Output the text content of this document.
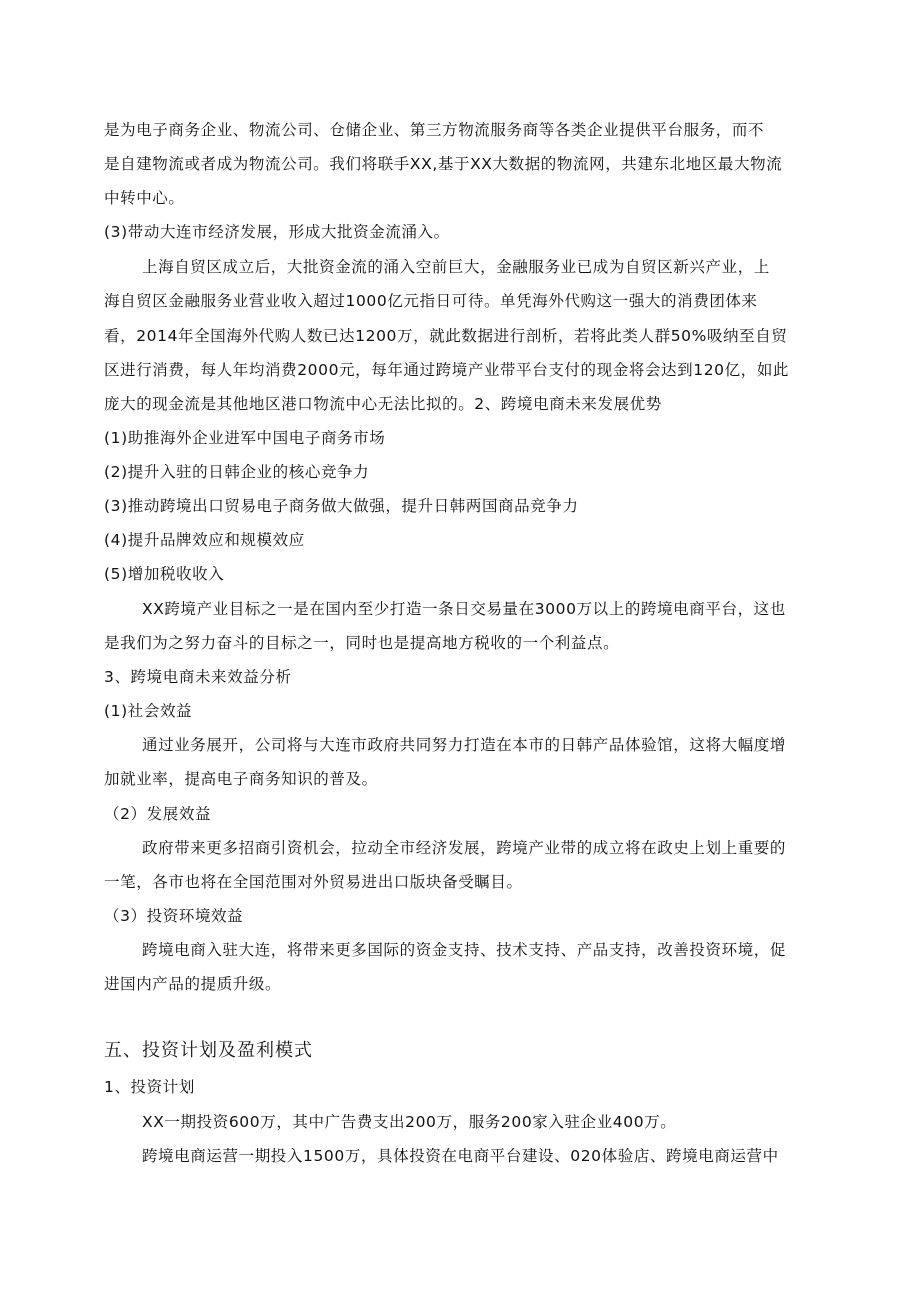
是为电子商务企业、物流公司、仓储企业、第三方物流服务商等各类企业提供平台服务，而不
是自建物流或者成为物流公司。我们将联手XX,基于XX大数据的物流网，共建东北地区最大物流
中转中心。
(3)带动大连市经济发展，形成大批资金流涌入。
上海自贸区成立后，大批资金流的涌入空前巨大，金融服务业已成为自贸区新兴产业，上
海自贸区金融服务业营业收入超过1000亿元指日可待。单凭海外代购这一强大的消费团体来
看，2014年全国海外代购人数已达1200万，就此数据进行剖析，若将此类人群50%吸纳至自贸
区进行消费，每人年均消费2000元，每年通过跨境产业带平台支付的现金将会达到120亿，如此
庞大的现金流是其他地区港口物流中心无法比拟的。2、跨境电商未来发展优势
(1)助推海外企业进军中国电子商务市场
(2)提升入驻的日韩企业的核心竞争力
(3)推动跨境出口贸易电子商务做大做强，提升日韩两国商品竞争力
(4)提升品牌效应和规模效应
(5)增加税收收入
XX跨境产业目标之一是在国内至少打造一条日交易量在3000万以上的跨境电商平台，这也
是我们为之努力奋斗的目标之一，同时也是提高地方税收的一个利益点。
3、跨境电商未来效益分析
(1)社会效益
通过业务展开，公司将与大连市政府共同努力打造在本市的日韩产品体验馆，这将大幅度增
加就业率，提高电子商务知识的普及。
（2）发展效益
政府带来更多招商引资机会，拉动全市经济发展，跨境产业带的成立将在政史上划上重要的
一笔，各市也将在全国范围对外贸易进出口版块备受瞩目。
（3）投资环境效益
跨境电商入驻大连，将带来更多国际的资金支持、技术支持、产品支持，改善投资环境，促
进国内产品的提质升级。
五、投资计划及盈利模式
1、投资计划
XX一期投资600万，其中广告费支出200万，服务200家入驻企业400万。
跨境电商运营一期投入1500万，具体投资在电商平台建设、020体验店、跨境电商运营中
